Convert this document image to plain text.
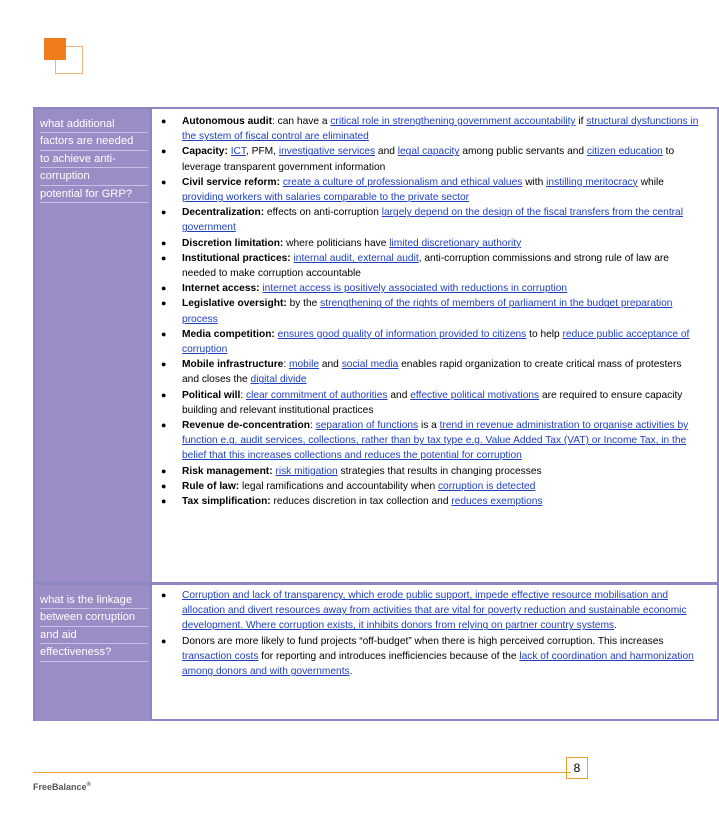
what additional
factors are needed
to achieve anti-
corruption
potential for GRP?
● Autonomous audit: can have a critical role in strengthening government accountability if structural dysfunctions in the system of fiscal control are eliminated
● Capacity: ICT, PFM, investigative services and legal capacity among public servants and citizen education to leverage transparent government information
● Civil service reform: create a culture of professionalism and ethical values with instilling meritocracy while providing workers with salaries comparable to the private sector
● Decentralization: effects on anti-corruption largely depend on the design of the fiscal transfers from the central government
● Discretion limitation: where politicians have limited discretionary authority
● Institutional practices: internal audit, external audit, anti-corruption commissions and strong rule of law are needed to make corruption accountable
● Internet access: internet access is positively associated with reductions in corruption
● Legislative oversight: by the strengthening of the rights of members of parliament in the budget preparation process
● Media competition: ensures good quality of information provided to citizens to help reduce public acceptance of corruption
● Mobile infrastructure: mobile and social media enables rapid organization to create critical mass of protesters and closes the digital divide
● Political will: clear commitment of authorities and effective political motivations are required to ensure capacity building and relevant institutional practices
● Revenue de-concentration: separation of functions is a trend in revenue administration to organise activities by function e.g. audit services, collections, rather than by tax type e.g. Value Added Tax (VAT) or Income Tax, in the belief that this increases collections and reduces the potential for corruption
● Risk management: risk mitigation strategies that results in changing processes
● Rule of law: legal ramifications and accountability when corruption is detected
● Tax simplification: reduces discretion in tax collection and reduces exemptions
what is the linkage
between corruption
and aid
effectiveness?
● Corruption and lack of transparency, which erode public support, impede effective resource mobilisation and allocation and divert resources away from activities that are vital for poverty reduction and sustainable economic development. Where corruption exists, it inhibits donors from relying on partner country systems.
● Donors are more likely to fund projects “off-budget” when there is high perceived corruption. This increases transaction costs for reporting and introduces inefficiencies because of the lack of coordination and harmonization among donors and with governments.
8
FreeBalance®
